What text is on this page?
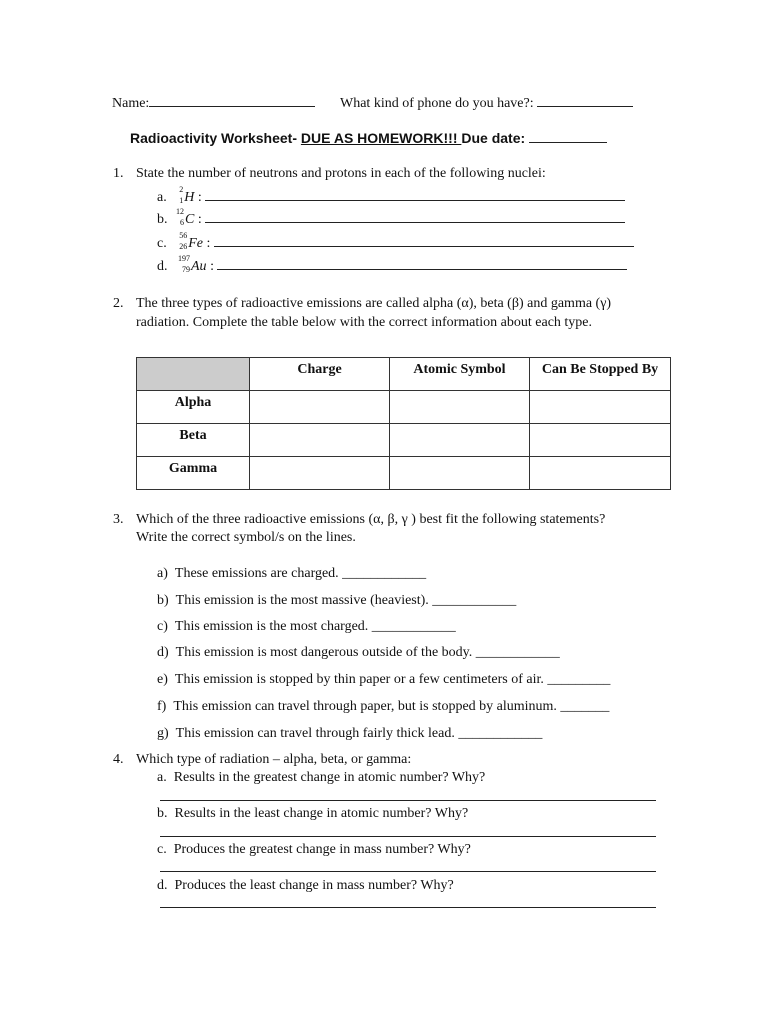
Name:	What kind of phone do you have?:
Radioactivity Worksheet- DUE AS HOMEWORK!!! Due date:
1. State the number of neutrons and protons in each of the following nuclei:
a.
2
1 H :
b.
12
6 C :
c.
56
26 Fe :
d.
197
79 Au :
2. The three types of radioactive emissions are called alpha (α), beta (β) and gamma (γ)
radiation. Complete the table below with the correct information about each type.

	Charge	Atomic Symbol	Can Be Stopped By

Alpha			

Beta			

Gamma			

3. Which of the three radioactive emissions (α, β, γ ) best fit the following statements?
Write the correct symbol/s on the lines.
a) These emissions are charged. ____________
b) This emission is the most massive (heaviest). ____________
c) This emission is the most charged. ____________
d) This emission is most dangerous outside of the body. ____________
e) This emission is stopped by thin paper or a few centimeters of air. _________
f) This emission can travel through paper, but is stopped by aluminum. _______
g) This emission can travel through fairly thick lead. ____________
4. Which type of radiation – alpha, beta, or gamma:
a. Results in the greatest change in atomic number? Why?
b. Results in the least change in atomic number? Why?
c. Produces the greatest change in mass number? Why?
d. Produces the least change in mass number? Why?
